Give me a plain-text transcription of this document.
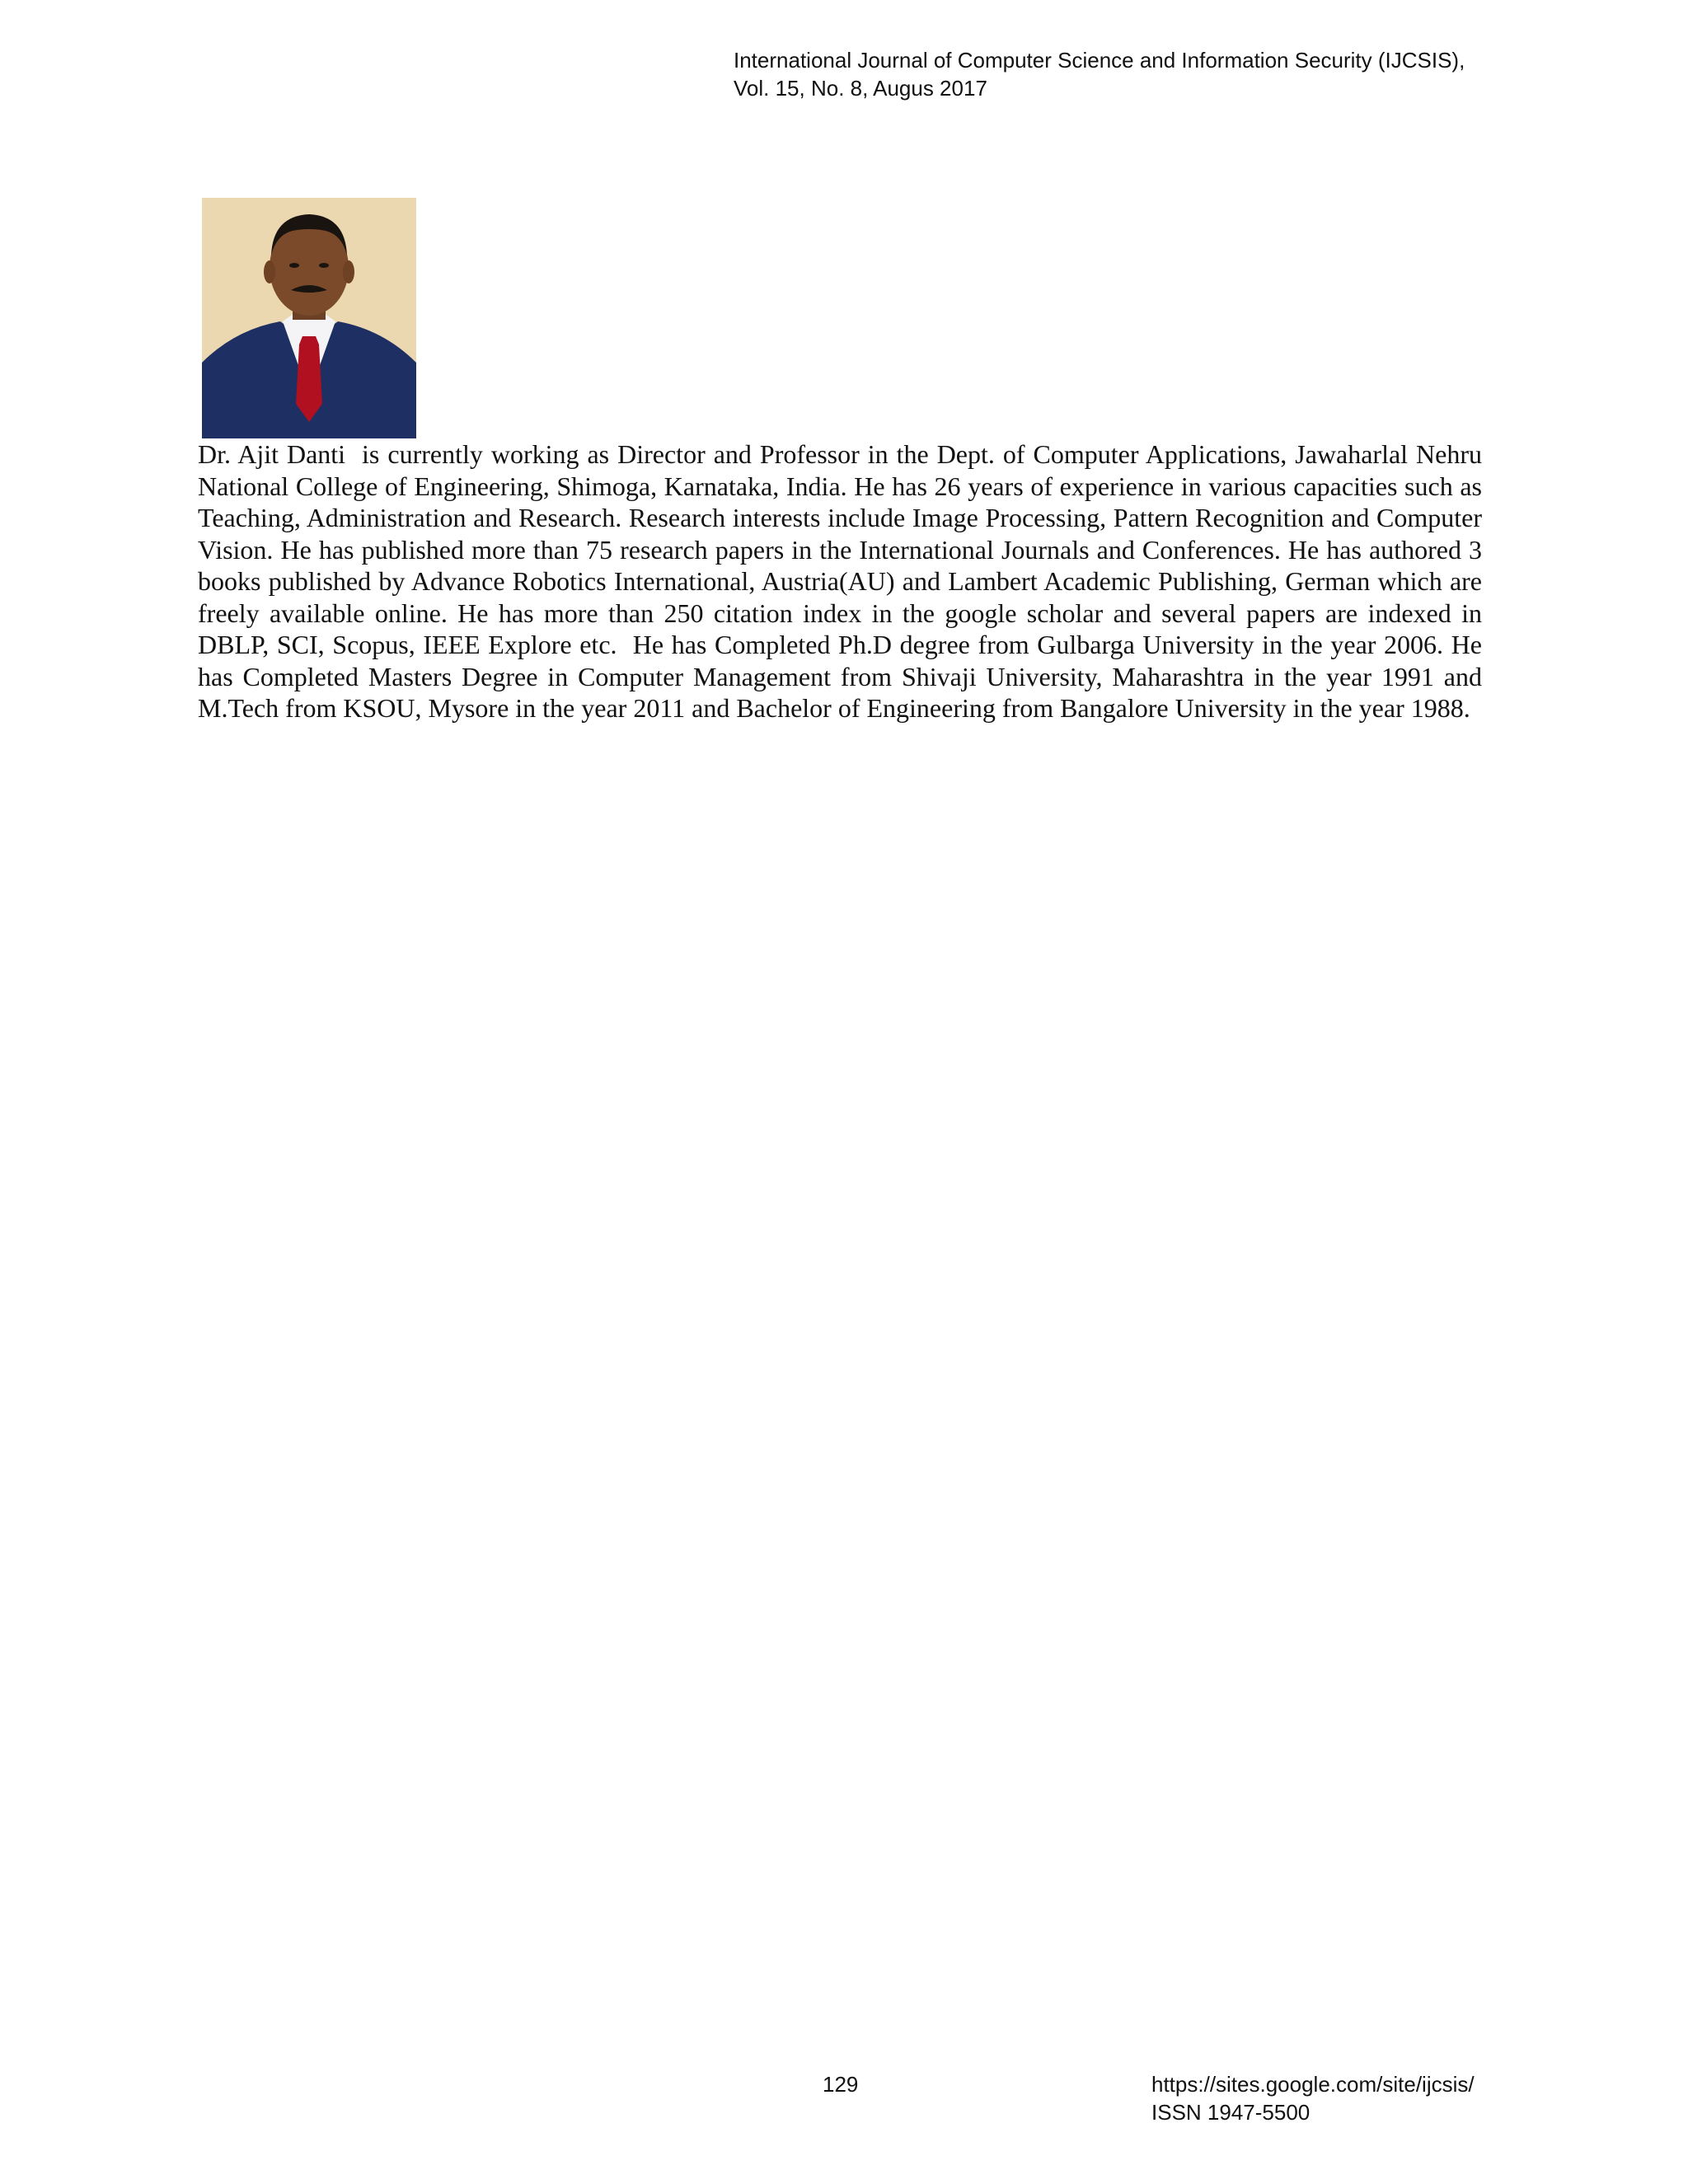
International Journal of Computer Science and Information Security (IJCSIS),
Vol. 15, No. 8, Augus 2017

Dr. Ajit Danti  is currently working as Director and Professor in the Dept. of Computer Applications, Jawaharlal Nehru National College of Engineering, Shimoga, Karnataka, India. He has 26 years of experience in various capacities such as Teaching, Administration and Research. Research interests include Image Processing, Pattern Recognition and Computer Vision. He has published more than 75 research papers in the International Journals and Conferences. He has authored 3 books published by Advance Robotics International, Austria(AU) and Lambert Academic Publishing, German which are freely available online. He has more than 250 citation index in the google scholar and several papers are indexed in DBLP, SCI, Scopus, IEEE Explore etc.  He has Completed Ph.D degree from Gulbarga University in the year 2006. He has Completed Masters Degree in Computer Management from Shivaji University, Maharashtra in the year 1991 and M.Tech from KSOU, Mysore in the year 2011 and Bachelor of Engineering from Bangalore University in the year 1988.

129	https://sites.google.com/site/ijcsis/
ISSN 1947-5500
